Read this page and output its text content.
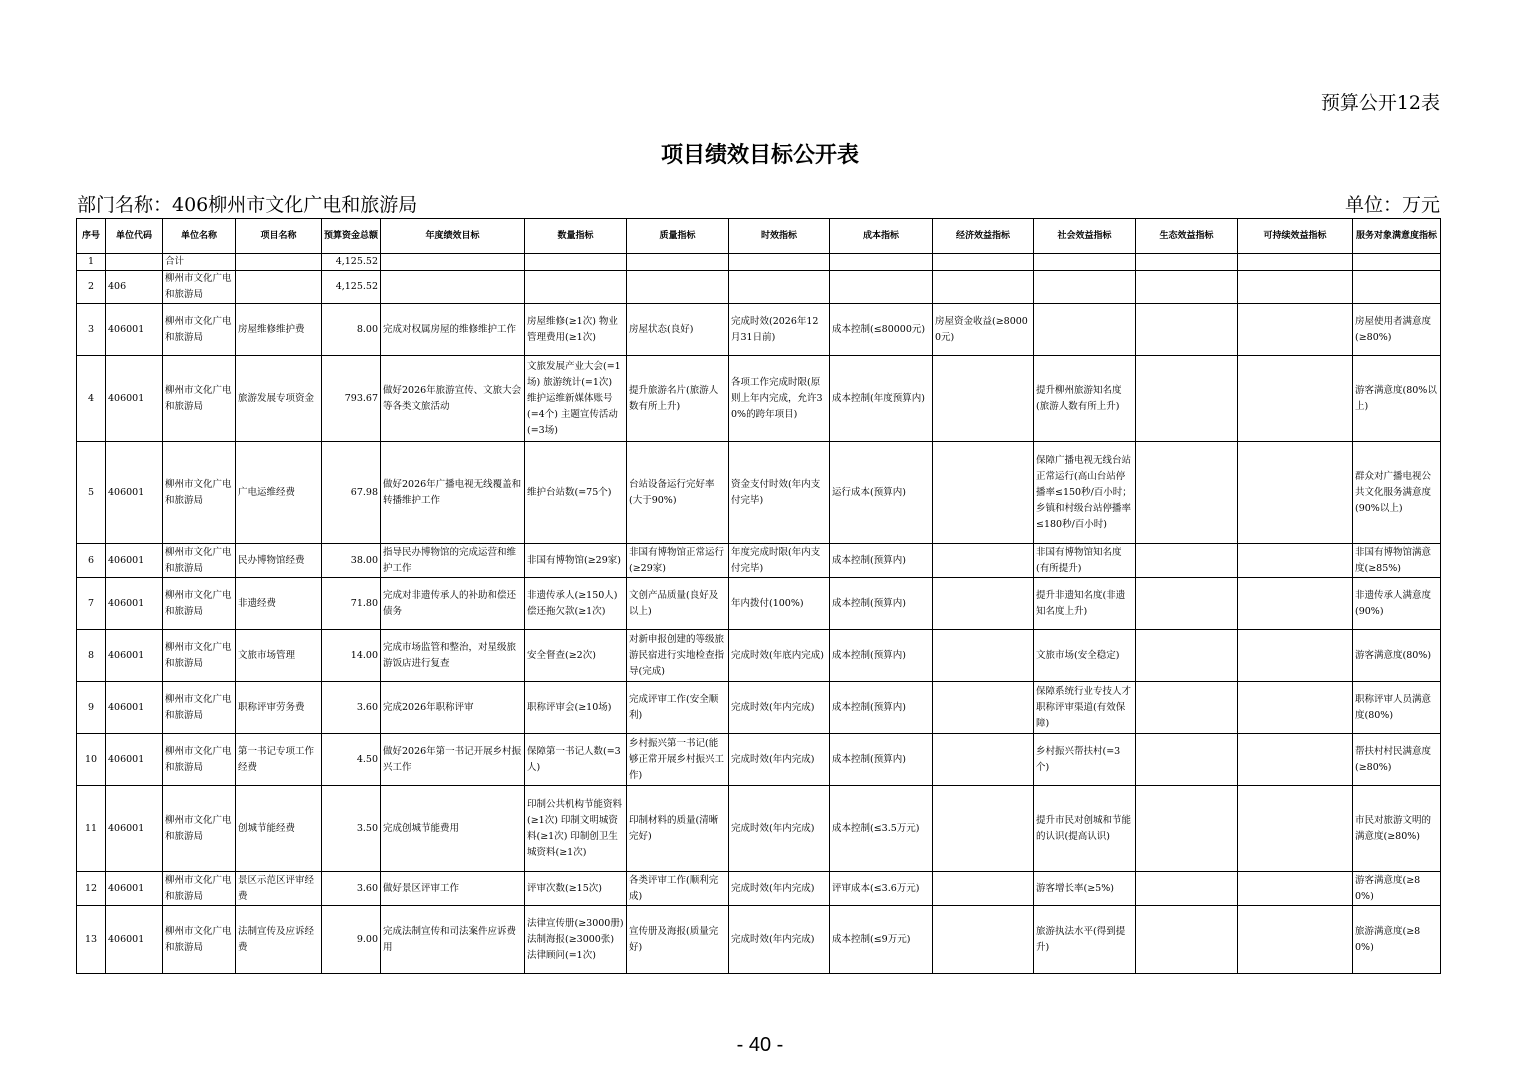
预算公开12表
项目绩效目标公开表
部门名称：406柳州市文化广电和旅游局	单位：万元
序号	单位代码	单位名称	项目名称	预算资金总额	年度绩效目标	数量指标	质量指标	时效指标	成本指标	经济效益指标	社会效益指标	生态效益指标	可持续效益指标	服务对象满意度指标
1		合计		4,125.52										
2	406	柳州市文化广电和旅游局		4,125.52										
3	406001	柳州市文化广电和旅游局	房屋维修维护费	8.00	完成对权属房屋的维修维护工作	房屋维修(≥1次) 物业管理费用(≥1次)	房屋状态(良好)	完成时效(2026年12月31日前)	成本控制(≤80000元)	房屋资金收益(≥80000元)				房屋使用者满意度(≥80%)
4	406001	柳州市文化广电和旅游局	旅游发展专项资金	793.67	做好2026年旅游宣传、文旅大会等各类文旅活动	文旅发展产业大会(=1场) 旅游统计(=1次) 维护运维新媒体账号(=4个) 主题宣传活动(=3场)	提升旅游名片(旅游人数有所上升)	各项工作完成时限(原则上年内完成，允许30%的跨年项目)	成本控制(年度预算内)		提升柳州旅游知名度(旅游人数有所上升)			游客满意度(80%以上)
5	406001	柳州市文化广电和旅游局	广电运维经费	67.98	做好2026年广播电视无线覆盖和转播维护工作	维护台站数(=75个)	台站设备运行完好率(大于90%)	资金支付时效(年内支付完毕)	运行成本(预算内)		保障广播电视无线台站正常运行(高山台站停播率≤150秒/百小时；乡镇和村级台站停播率≤180秒/百小时)			群众对广播电视公共文化服务满意度(90%以上)
6	406001	柳州市文化广电和旅游局	民办博物馆经费	38.00	指导民办博物馆的完成运营和维护工作	非国有博物馆(≥29家)	非国有博物馆正常运行(≥29家)	年度完成时限(年内支付完毕)	成本控制(预算内)		非国有博物馆知名度(有所提升)			非国有博物馆满意度(≥85%)
7	406001	柳州市文化广电和旅游局	非遗经费	71.80	完成对非遗传承人的补助和偿还债务	非遗传承人(≥150人) 偿还拖欠款(≥1次)	文创产品质量(良好及以上)	年内拨付(100%)	成本控制(预算内)		提升非遗知名度(非遗知名度上升)			非遗传承人满意度(90%)
8	406001	柳州市文化广电和旅游局	文旅市场管理	14.00	完成市场监管和整治，对星级旅游饭店进行复查	安全督查(≥2次)	对新申报创建的等级旅游民宿进行实地检查指导(完成)	完成时效(年底内完成)	成本控制(预算内)		文旅市场(安全稳定)			游客满意度(80%)
9	406001	柳州市文化广电和旅游局	职称评审劳务费	3.60	完成2026年职称评审	职称评审会(≥10场)	完成评审工作(安全顺利)	完成时效(年内完成)	成本控制(预算内)		保障系统行业专技人才职称评审渠道(有效保障)			职称评审人员满意度(80%)
10	406001	柳州市文化广电和旅游局	第一书记专项工作经费	4.50	做好2026年第一书记开展乡村振兴工作	保障第一书记人数(=3人)	乡村振兴第一书记(能够正常开展乡村振兴工作)	完成时效(年内完成)	成本控制(预算内)		乡村振兴帮扶村(=3个)			帮扶村村民满意度(≥80%)
11	406001	柳州市文化广电和旅游局	创城节能经费	3.50	完成创城节能费用	印制公共机构节能资料(≥1次) 印制文明城资料(≥1次) 印制创卫生城资料(≥1次)	印制材料的质量(清晰完好)	完成时效(年内完成)	成本控制(≤3.5万元)		提升市民对创城和节能的认识(提高认识)			市民对旅游文明的满意度(≥80%)
12	406001	柳州市文化广电和旅游局	景区示范区评审经费	3.60	做好景区评审工作	评审次数(≥15次)	各类评审工作(顺利完成)	完成时效(年内完成)	评审成本(≤3.6万元)		游客增长率(≥5%)			游客满意度(≥80%)
13	406001	柳州市文化广电和旅游局	法制宣传及应诉经费	9.00	完成法制宣传和司法案件应诉费用	法律宣传册(≥3000册) 法制海报(≥3000张) 法律顾问(=1次)	宣传册及海报(质量完好)	完成时效(年内完成)	成本控制(≤9万元)		旅游执法水平(得到提升)			旅游满意度(≥80%)
- 40 -
